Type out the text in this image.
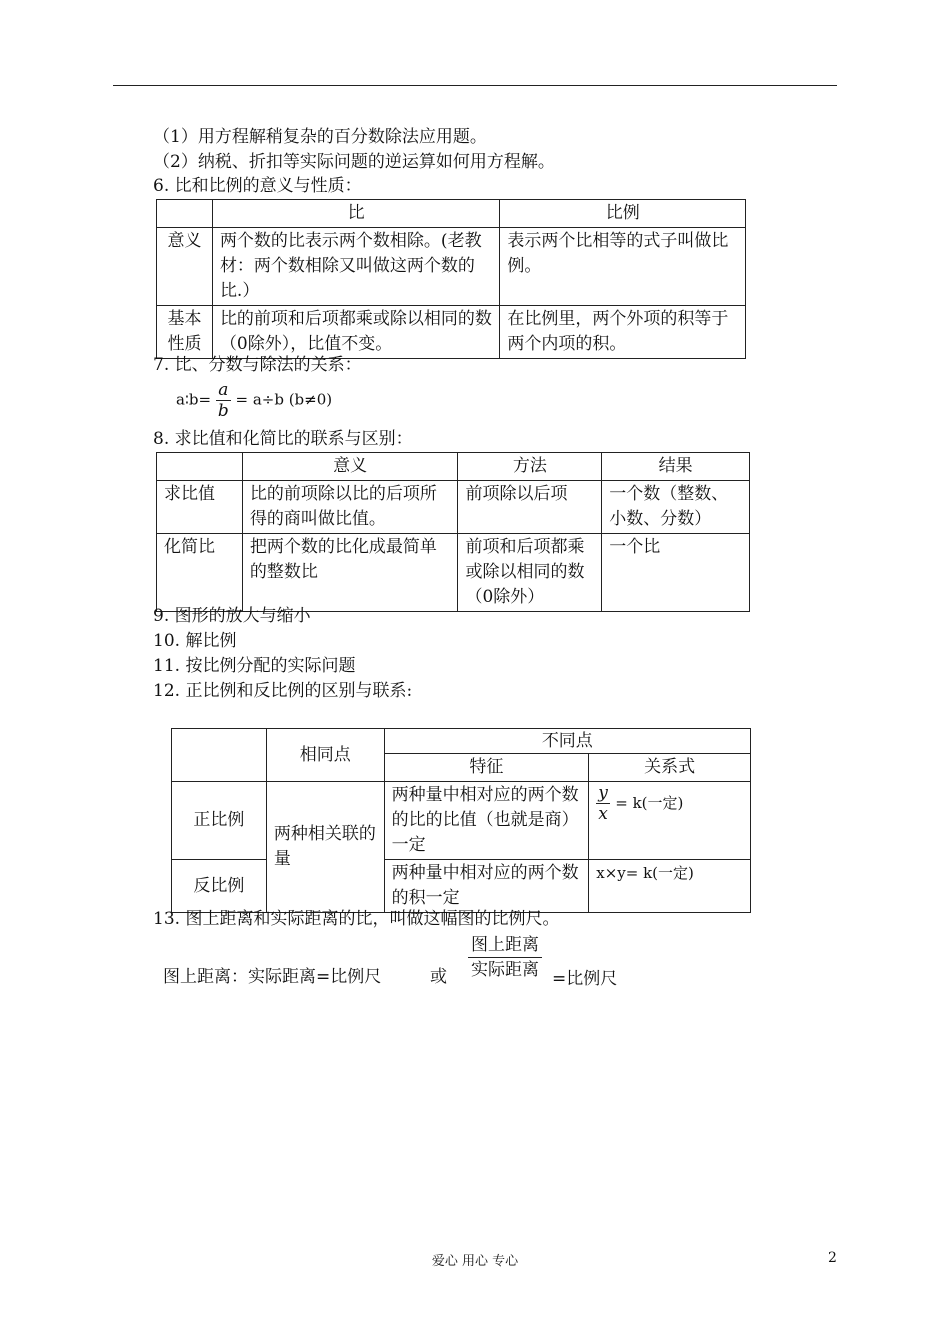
（1）用方程解稍复杂的百分数除法应用题。
（2）纳税、折扣等实际问题的逆运算如何用方程解。
6. 比和比例的意义与性质：
	比	比例
意义	两个数的比表示两个数相除。(老教材：两个数相除又叫做这两个数的比.）	表示两个比相等的式子叫做比例。
基本性质	比的前项和后项都乘或除以相同的数（0除外），比值不变。	在比例里，两个外项的积等于两个内项的积。
7. 比、分数与除法的关系：
a∶b= $\frac{a}{b} = a\div b$ (b≠0)
8. 求比值和化简比的联系与区别：
	意义	方法	结果
求比值	比的前项除以比的后项所得的商叫做比值。	前项除以后项	一个数（整数、小数、分数）
化简比	把两个数的比化成最简单的整数比	前项和后项都乘或除以相同的数（0除外）	一个比
9. 图形的放大与缩小
10. 解比例
11. 按比例分配的实际问题
12. 正比例和反比例的区别与联系:
	相同点	不同点	
		特征	关系式
正比例	两种相关联的量	两种量中相对应的两个数的比的比值（也就是商）一定	$\frac{y}{x} = k$(一定)
反比例		两种量中相对应的两个数的积一定	x×y= k(一定)
13. 图上距离和实际距离的比，叫做这幅图的比例尺。
图上距离：实际距离=比例尺	或
图上距离
实际距离 =比例尺
爱心 用心 专心	2
